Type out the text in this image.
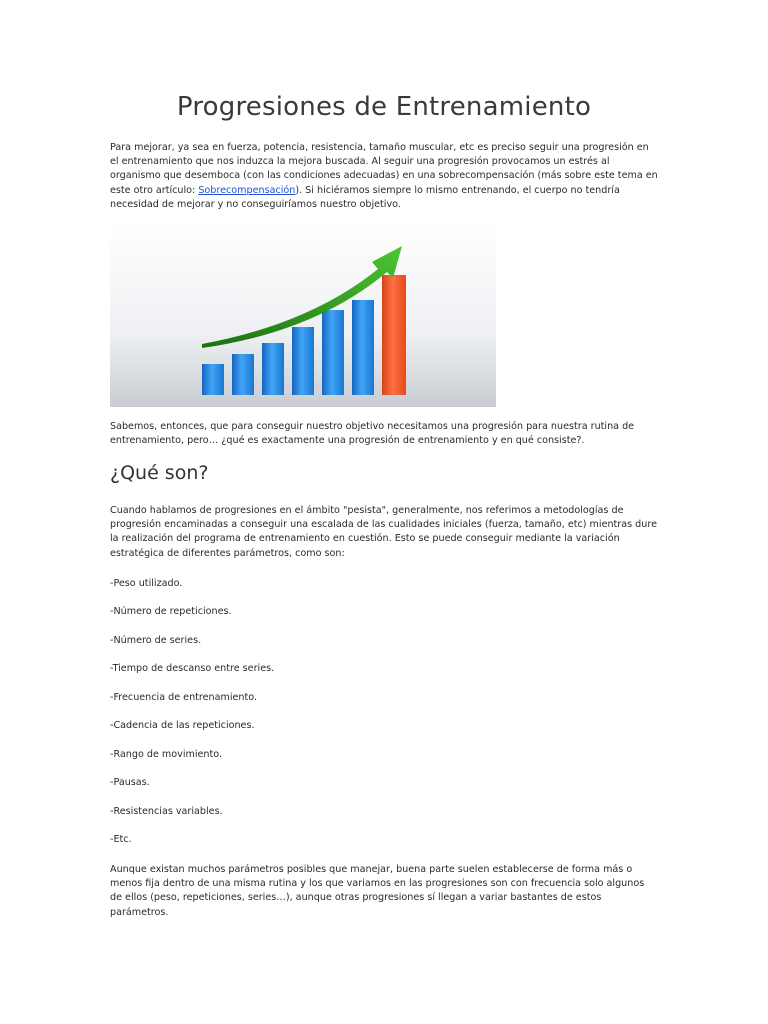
Progresiones de Entrenamiento

Para mejorar, ya sea en fuerza, potencia, resistencia, tamaño muscular, etc es preciso seguir una progresión en el entrenamiento que nos induzca la mejora buscada. Al seguir una progresión provocamos un estrés al organismo que desemboca (con las condiciones adecuadas) en una sobrecompensación (más sobre este tema en este otro artículo: Sobrecompensación). Si hiciéramos siempre lo mismo entrenando, el cuerpo no tendría necesidad de mejorar y no conseguiríamos nuestro objetivo.

Sabemos, entonces, que para conseguir nuestro objetivo necesitamos una progresión para nuestra rutina de entrenamiento, pero… ¿qué es exactamente una progresión de entrenamiento y en qué consiste?.

¿Qué son?

Cuando hablamos de progresiones en el ámbito "pesista", generalmente, nos referimos a metodologías de progresión encaminadas a conseguir una escalada de las cualidades iniciales (fuerza, tamaño, etc) mientras dure la realización del programa de entrenamiento en cuestión. Esto se puede conseguir mediante la variación estratégica de diferentes parámetros, como son:

-Peso utilizado.

-Número de repeticiones.

-Número de series.

-Tiempo de descanso entre series.

-Frecuencia de entrenamiento.

-Cadencia de las repeticiones.

-Rango de movimiento.

-Pausas.

-Resistencias variables.

-Etc.

Aunque existan muchos parámetros posibles que manejar, buena parte suelen establecerse de forma más o menos fija dentro de una misma rutina y los que variamos en las progresiones son con frecuencia solo algunos de ellos (peso, repeticiones, series…), aunque otras progresiones sí llegan a variar bastantes de estos parámetros.
